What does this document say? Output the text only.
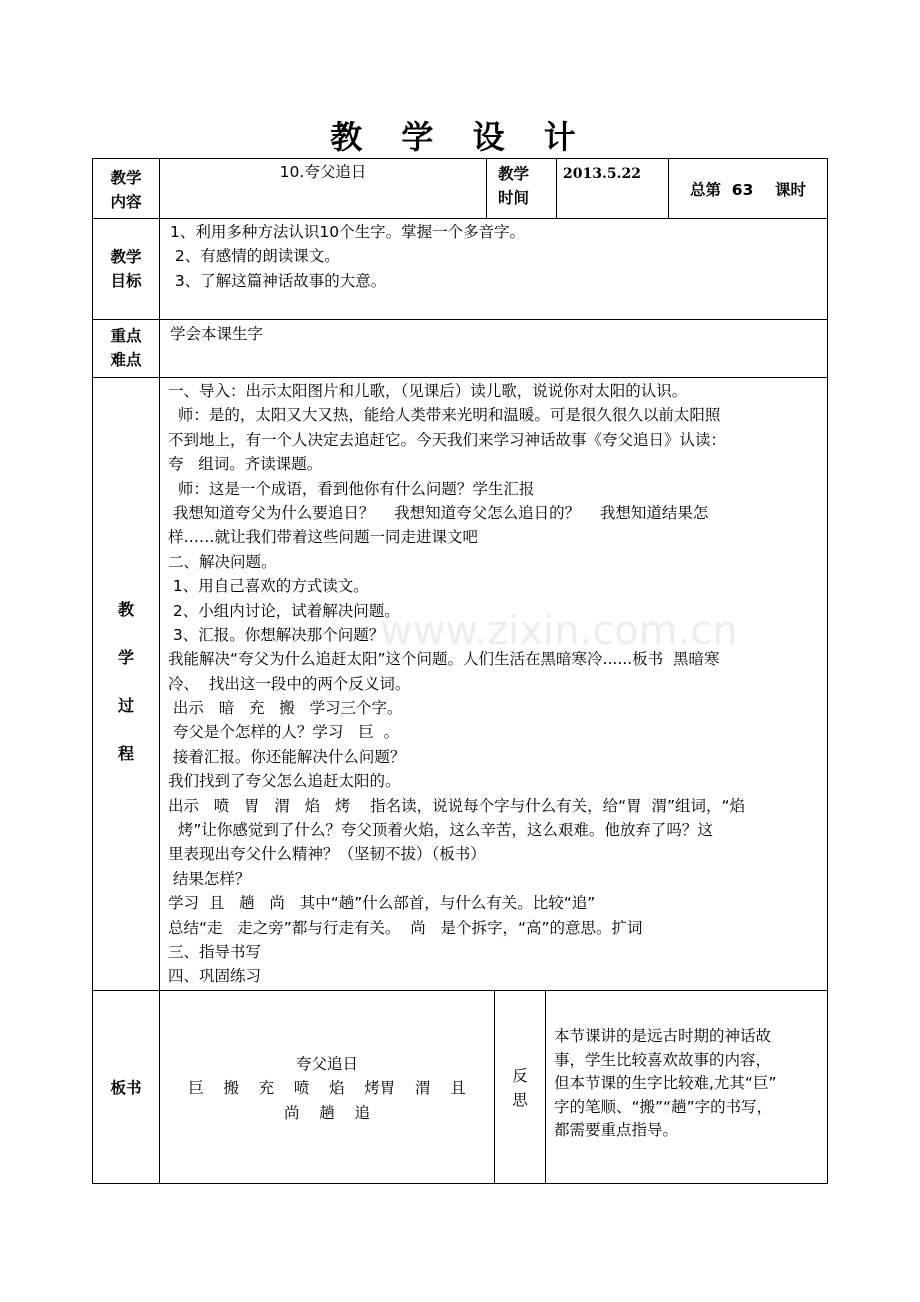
教 学 设 计
教学
内容
10.夸父追日	教学
时间
2013.5.22
总第  63    课时
教学
目标
1、利用多种方法认识10个生字。掌握一个多音字。
2、有感情的朗读课文。
3、了解这篇神话故事的大意。
重点
难点
学会本课生字
www.zixin.com.cn
教
学
过
程
一、导入：出示太阳图片和儿歌，（见课后）读儿歌，说说你对太阳的认识。
师：是的，太阳又大又热，能给人类带来光明和温暖。可是很久很久以前太阳照
不到地上，有一个人决定去追赶它。今天我们来学习神话故事《夸父追日》认读：
夸   组词。齐读课题。
师：这是一个成语，看到他你有什么问题？学生汇报
我想知道夸父为什么要追日？    我想知道夸父怎么追日的？    我想知道结果怎
样……就让我们带着这些问题一同走进课文吧
二、解决问题。
1、用自己喜欢的方式读文。
2、小组内讨论，试着解决问题。
3、汇报。你想解决那个问题？
我能解决“夸父为什么追赶太阳”这个问题。人们生活在黑暗寒冷......板书  黑暗寒
冷、  找出这一段中的两个反义词。
出示   暗   充   搬   学习三个字。
夸父是个怎样的人？学习   巨  。
接着汇报。你还能解决什么问题？
我们找到了夸父怎么追赶太阳的。
出示   喷   胃   渭   焰   烤    指名读，说说每个字与什么有关，给“胃  渭”组词，“焰
烤”让你感觉到了什么？夸父顶着火焰，这么辛苦，这么艰难。他放弃了吗？这
里表现出夸父什么精神？（坚韧不拔）（板书）
结果怎样？
学习  且   趟   尚   其中“趟”什么部首，与什么有关。比较“追”
总结“走   走之旁”都与行走有关。  尚   是个拆字，“高”的意思。扩词
三、指导书写
四、巩固练习
板书
夸父追日
巨    搬    充    喷    焰    烤胃    渭    且
尚    趟    追
反
思
本节课讲的是远古时期的神话故
事，学生比较喜欢故事的内容，
但本节课的生字比较难,尤其“巨”
字的笔顺、“搬”“趟”字的书写，
都需要重点指导。
